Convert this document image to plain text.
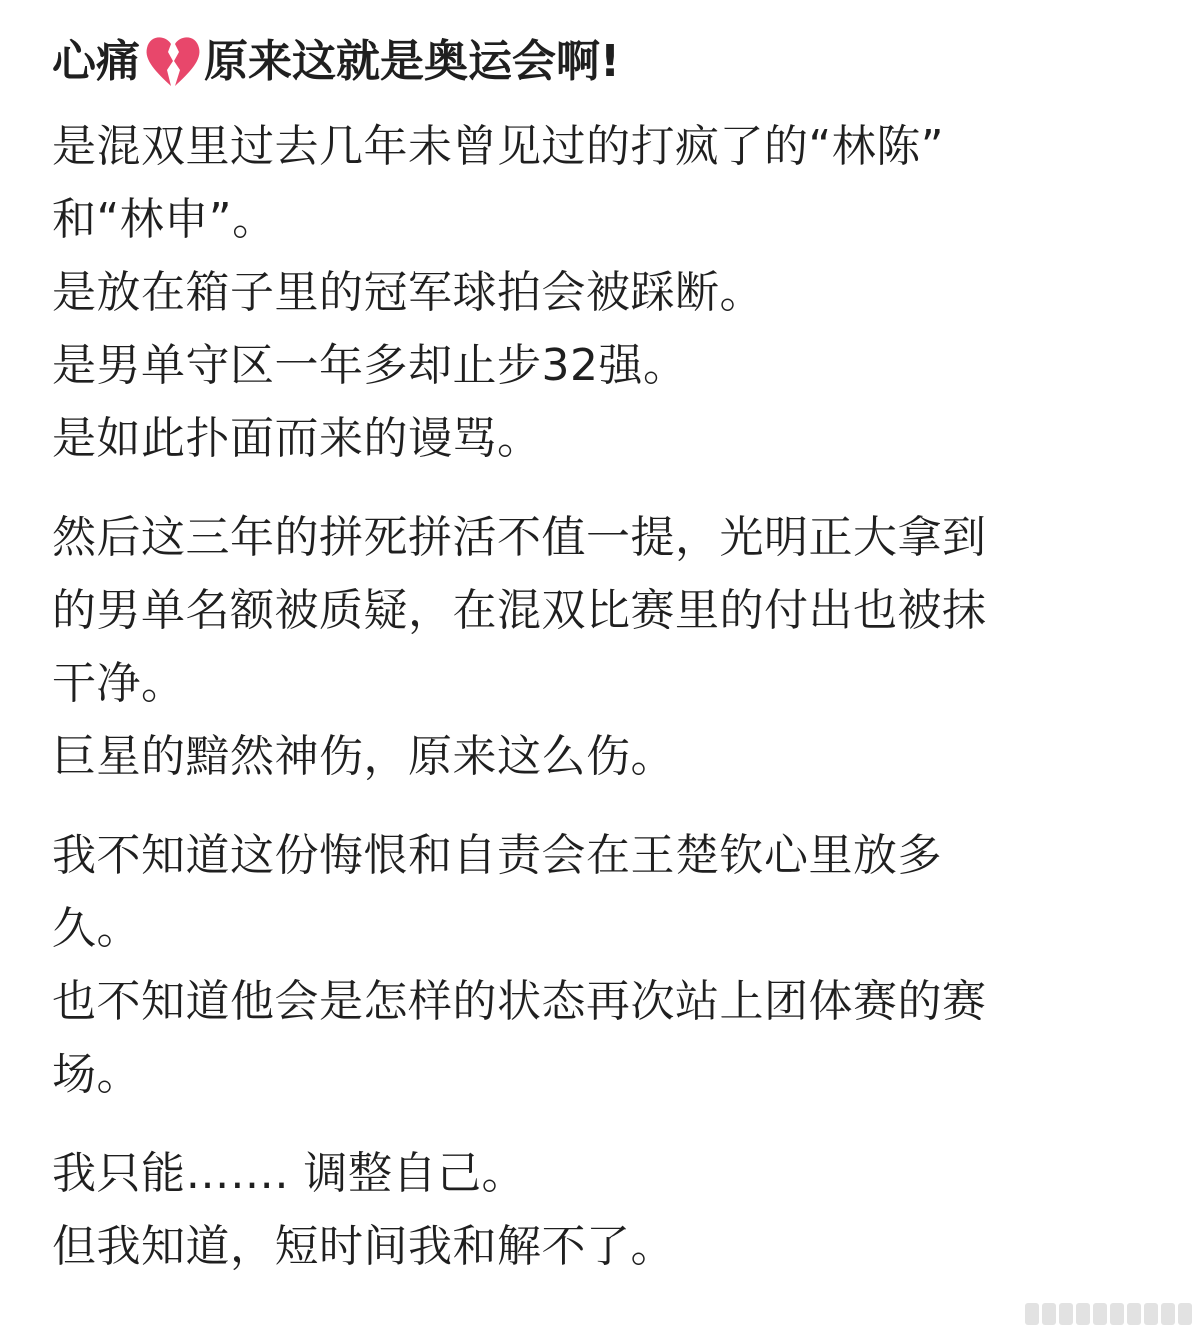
心痛 原来这就是奥运会啊!
是混双里过去几年未曾见过的打疯了的“林陈”
和“林申”。
是放在箱子里的冠军球拍会被踩断。
是男单守区一年多却止步32强。
是如此扑面而来的谩骂。
然后这三年的拼死拼活不值一提，光明正大拿到
的男单名额被质疑，在混双比赛里的付出也被抹
干净。
巨星的黯然神伤，原来这么伤。
我不知道这份悔恨和自责会在王楚钦心里放多
久。
也不知道他会是怎样的状态再次站上团体赛的赛
场。
我只能……. 调整自己。
但我知道，短时间我和解不了。
